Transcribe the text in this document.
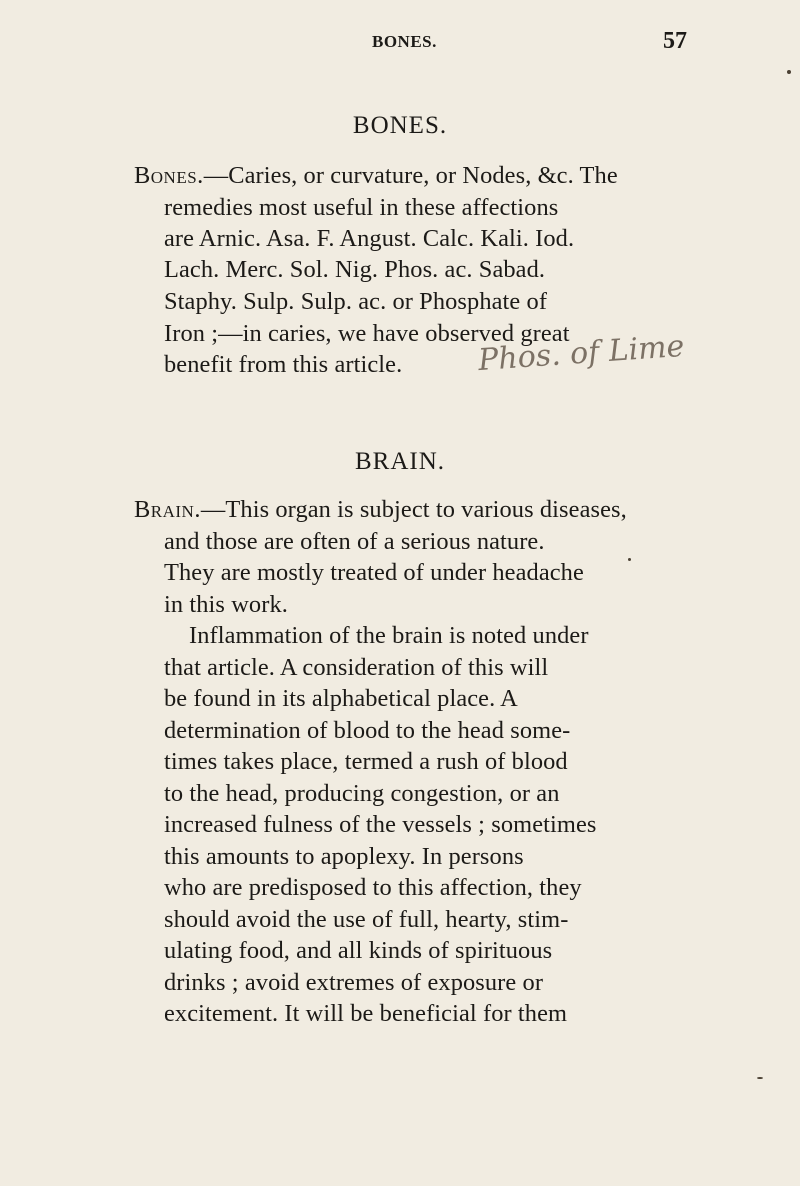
BONES.	57
BONES.
Bones.—Caries, or curvature, or Nodes, &c. The
remedies most useful in these affections
are Arnic. Asa. F. Angust. Calc. Kali. Iod.
Lach. Merc. Sol. Nig. Phos. ac. Sabad.
Staphy. Sulp. Sulp. ac. or Phosphate of
Iron ;—in caries, we have observed great
benefit from this article. Phos. of Lime
BRAIN.
Brain.—This organ is subject to various diseases,
and those are often of a serious nature.
They are mostly treated of under headache
in this work.
Inflammation of the brain is noted under
that article. A consideration of this will
be found in its alphabetical place. A
determination of blood to the head some-
times takes place, termed a rush of blood
to the head, producing congestion, or an
increased fulness of the vessels ; sometimes
this amounts to apoplexy. In persons
who are predisposed to this affection, they
should avoid the use of full, hearty, stim-
ulating food, and all kinds of spirituous
drinks ; avoid extremes of exposure or
excitement. It will be beneficial for them
